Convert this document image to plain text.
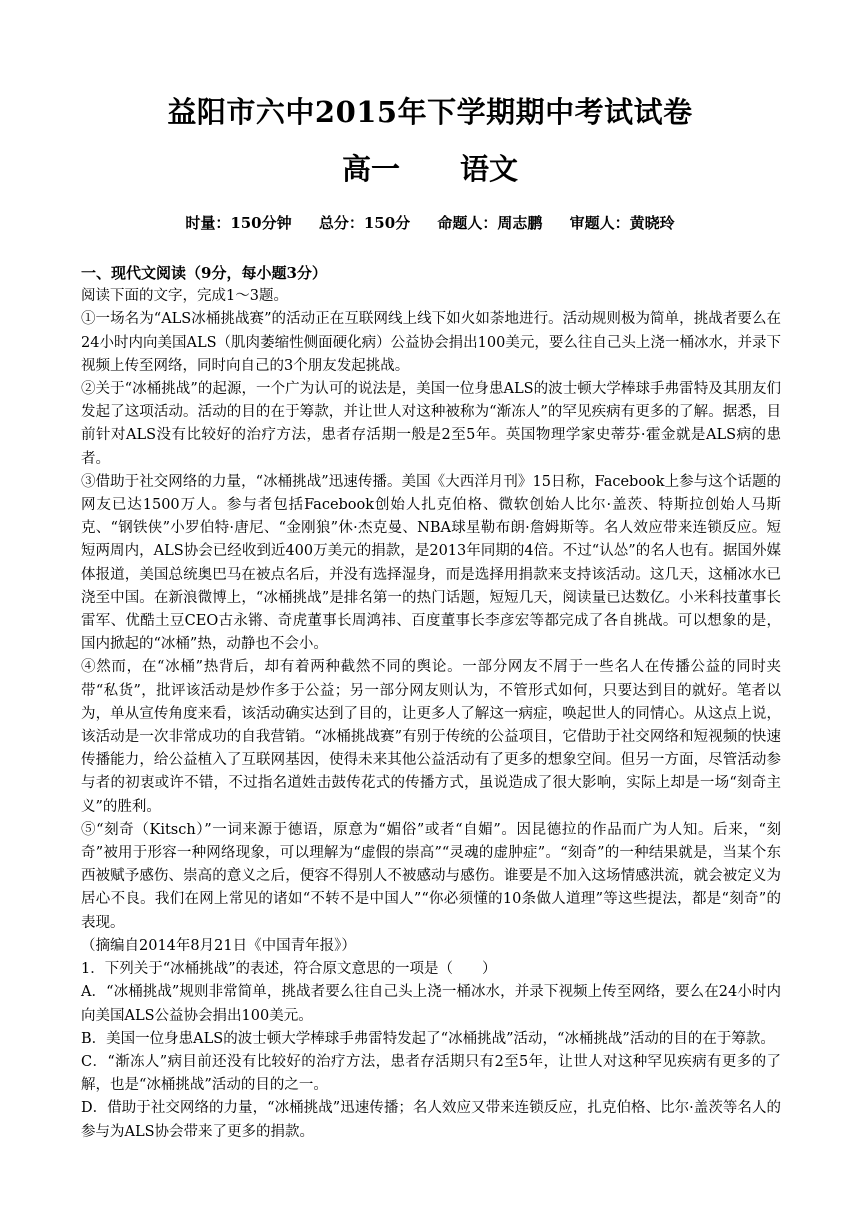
益阳市六中2015年下学期期中考试试卷
高一 语文
时量：150分钟 总分：150分 命题人：周志鹏 审题人：黄晓玲

一、现代文阅读（9分，每小题3分）

阅读下面的文字，完成1～3题。

①一场名为“ALS冰桶挑战赛”的活动正在互联网线上线下如火如荼地进行。活动规则极为简单，挑战者要么在24小时内向美国ALS（肌肉萎缩性侧面硬化病）公益协会捐出100美元，要么往自己头上浇一桶冰水，并录下视频上传至网络，同时向自己的3个朋友发起挑战。

②关于“冰桶挑战”的起源，一个广为认可的说法是，美国一位身患ALS的波士顿大学棒球手弗雷特及其朋友们发起了这项活动。活动的目的在于筹款，并让世人对这种被称为“渐冻人”的罕见疾病有更多的了解。据悉，目前针对ALS没有比较好的治疗方法，患者存活期一般是2至5年。英国物理学家史蒂芬·霍金就是ALS病的患者。

③借助于社交网络的力量，“冰桶挑战”迅速传播。美国《大西洋月刊》15日称，Facebook上参与这个话题的网友已达1500万人。参与者包括Facebook创始人扎克伯格、微软创始人比尔·盖茨、特斯拉创始人马斯克、“钢铁侠”小罗伯特·唐尼、“金刚狼”休·杰克曼、NBA球星勒布朗·詹姆斯等。名人效应带来连锁反应。短短两周内，ALS协会已经收到近400万美元的捐款，是2013年同期的4倍。不过“认怂”的名人也有。据国外媒体报道，美国总统奥巴马在被点名后，并没有选择湿身，而是选择用捐款来支持该活动。这几天，这桶冰水已浇至中国。在新浪微博上，“冰桶挑战”是排名第一的热门话题，短短几天，阅读量已达数亿。小米科技董事长雷军、优酷土豆CEO古永锵、奇虎董事长周鸿祎、百度董事长李彦宏等都完成了各自挑战。可以想象的是，国内掀起的“冰桶”热，动静也不会小。

④然而，在“冰桶”热背后，却有着两种截然不同的舆论。一部分网友不屑于一些名人在传播公益的同时夹带“私货”，批评该活动是炒作多于公益；另一部分网友则认为，不管形式如何，只要达到目的就好。笔者以为，单从宣传角度来看，该活动确实达到了目的，让更多人了解这一病症，唤起世人的同情心。从这点上说，该活动是一次非常成功的自我营销。“冰桶挑战赛”有别于传统的公益项目，它借助于社交网络和短视频的快速传播能力，给公益植入了互联网基因，使得未来其他公益活动有了更多的想象空间。但另一方面，尽管活动参与者的初衷或许不错，不过指名道姓击鼓传花式的传播方式，虽说造成了很大影响，实际上却是一场“刻奇主义”的胜利。

⑤“刻奇（Kitsch）”一词来源于德语，原意为“媚俗”或者“自媚”。因昆德拉的作品而广为人知。后来，“刻奇”被用于形容一种网络现象，可以理解为“虚假的崇高”“灵魂的虚肿症”。“刻奇”的一种结果就是，当某个东西被赋予感伤、崇高的意义之后，便容不得别人不被感动与感伤。谁要是不加入这场情感洪流，就会被定义为居心不良。我们在网上常见的诸如“不转不是中国人”“你必须懂的10条做人道理”等这些提法，都是“刻奇”的表现。

（摘编自2014年8月21日《中国青年报》）

1．下列关于“冰桶挑战”的表述，符合原文意思的一项是（　　）

A．“冰桶挑战”规则非常简单，挑战者要么往自己头上浇一桶冰水，并录下视频上传至网络，要么在24小时内向美国ALS公益协会捐出100美元。

B．美国一位身患ALS的波士顿大学棒球手弗雷特发起了“冰桶挑战”活动，“冰桶挑战”活动的目的在于筹款。

C．“渐冻人”病目前还没有比较好的治疗方法，患者存活期只有2至5年，让世人对这种罕见疾病有更多的了解，也是“冰桶挑战”活动的目的之一。

D．借助于社交网络的力量，“冰桶挑战”迅速传播；名人效应又带来连锁反应，扎克伯格、比尔·盖茨等名人的参与为ALS协会带来了更多的捐款。
